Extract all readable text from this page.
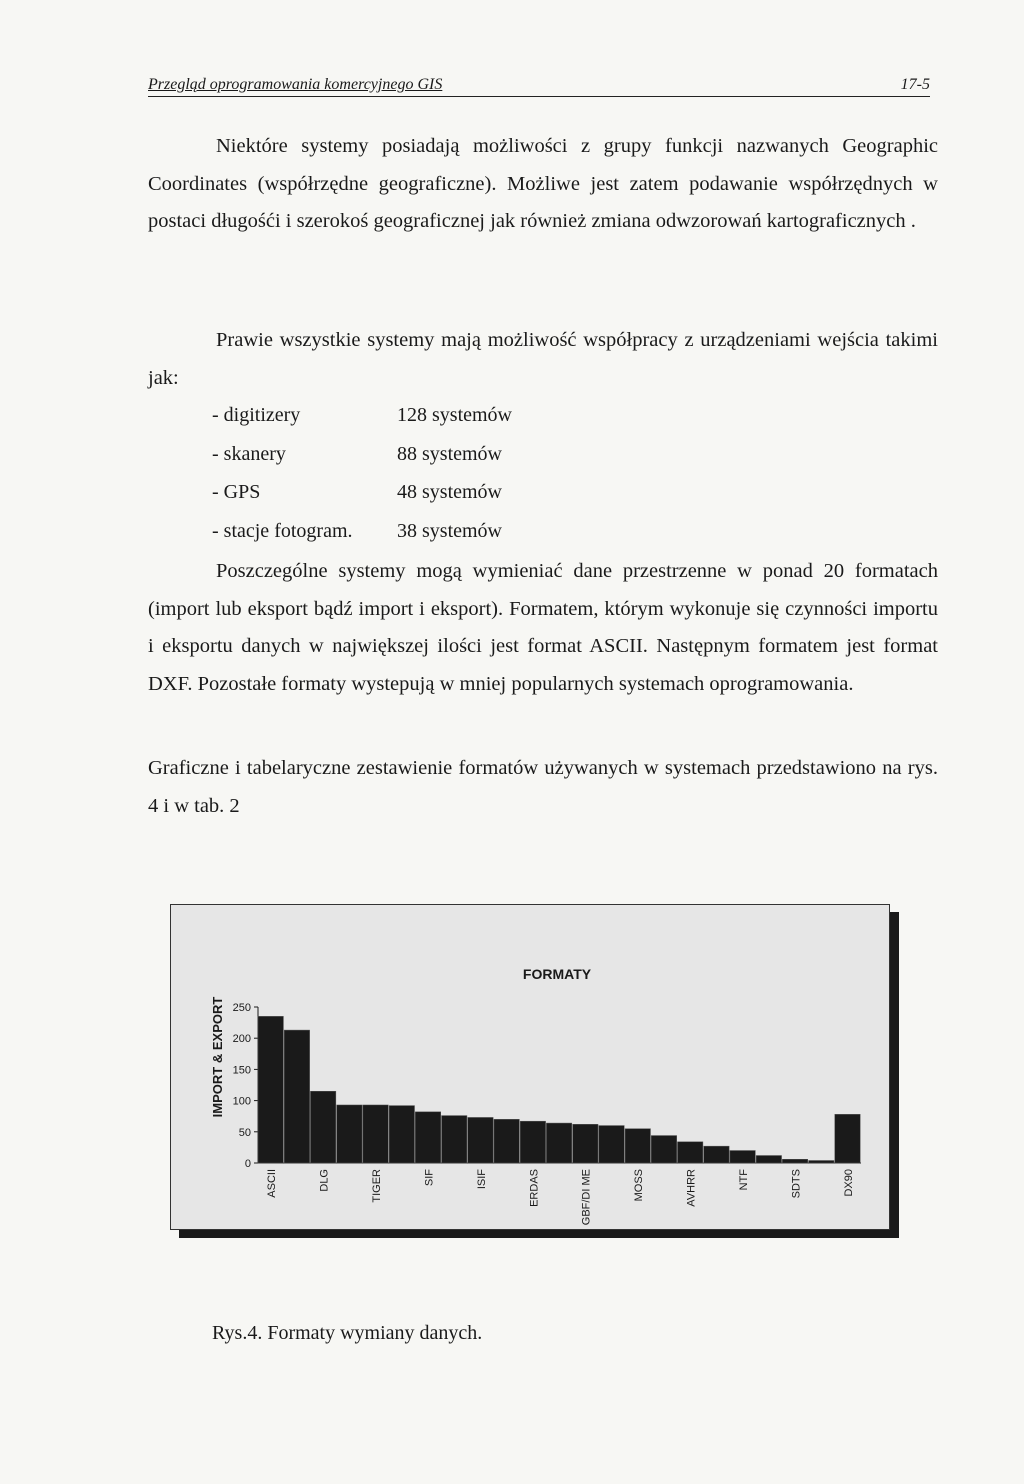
Przegląd oprogramowania komercyjnego GIS	17-5

Niektóre systemy posiadają możliwości z grupy funkcji nazwanych Geographic Coordinates (współrzędne geograficzne). Możliwe jest zatem podawanie współrzędnych w postaci długośći i szerokoś geograficznej jak również zmiana odwzorowań kartograficznych .

Prawie wszystkie systemy mają możliwość współpracy z urządzeniami wejścia takimi jak:

- digitizery	128 systemów
- skanery	88 systemów
- GPS	48 systemów
- stacje fotogram. 38 systemów

Poszczególne systemy mogą wymieniać dane przestrzenne w ponad 20 formatach (import lub eksport bądź import i eksport). Formatem, którym wykonuje się czynności importu i eksportu danych w największej ilości jest format ASCII. Następnym formatem jest format DXF. Pozostałe formaty wystepują w mniej popularnych systemach oprogramowania.

Graficzne i tabelaryczne zestawienie formatów używanych w systemach przedstawiono na rys. 4 i w tab. 2

FORMATY
IMPORT & EXPORT
0
50
100
150
200
250
ASCII	DLG	TIGER	SIF	ISIF	ERDAS	GBF/DI ME	MOSS	AVHRR	NTF	SDTS	DX90
Rys.4. Formaty wymiany danych.
